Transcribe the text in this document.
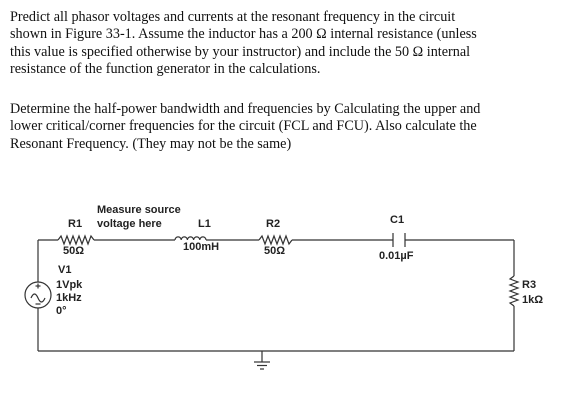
Predict all phasor voltages and currents at the resonant frequency in the circuit
shown in Figure 33-1. Assume the inductor has a 200 Ω internal resistance (unless
this value is specified otherwise by your instructor) and include the 50 Ω internal
resistance of the function generator in the calculations.
Determine the half-power bandwidth and frequencies by Calculating the upper and
lower critical/corner frequencies for the circuit (FCL and FCU). Also calculate the
Resonant Frequency. (They may not be the same)
Measure source
voltage here
R1
50Ω
L1
100mH
R2
50Ω
C1
0.01µF
R3
1kΩ
V1
1Vpk
1kHz
0°
